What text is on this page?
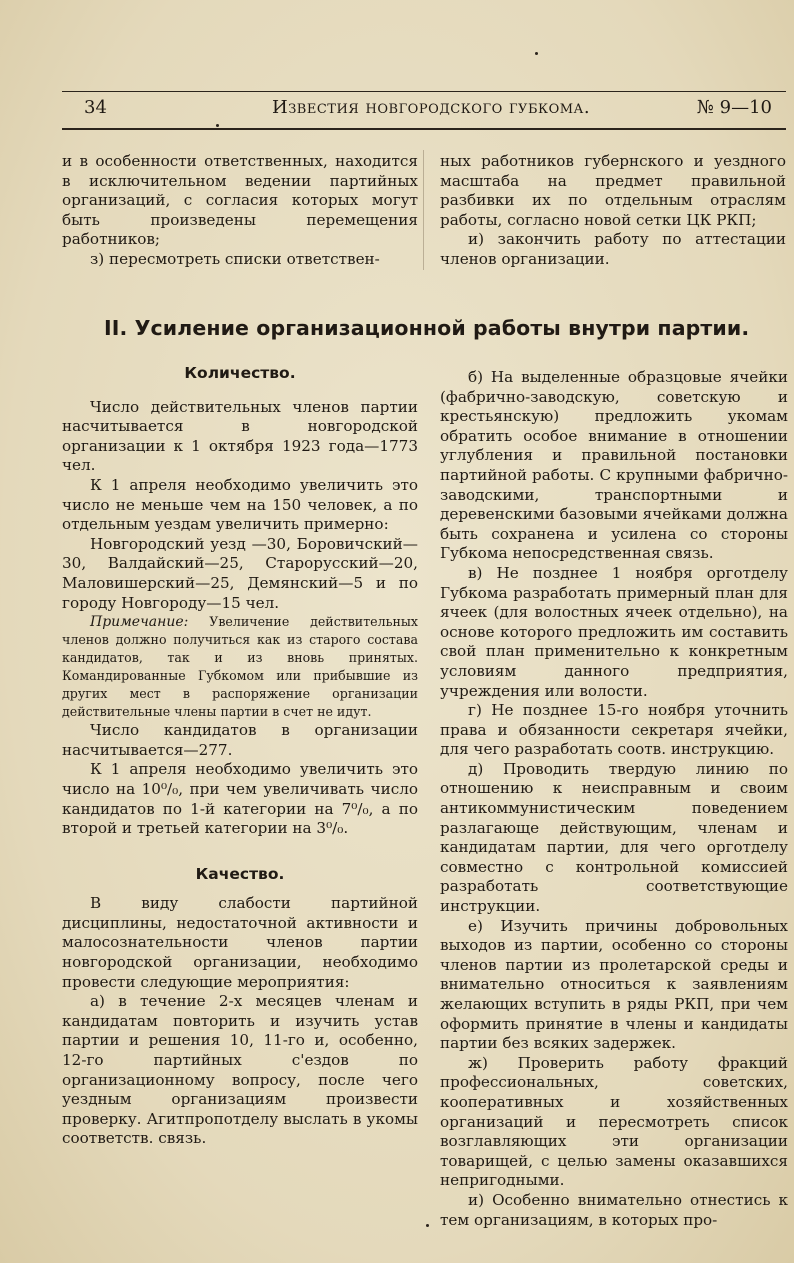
34	Известия новгородского губкома.	№ 9—10

и в особенности ответственных, находится в исключительном ведении партийных организаций, с согласия которых могут быть произведены перемещения работников;

з) пересмотреть списки ответствен-

ных работников губернского и уездного масштаба на предмет правильной разбивки их по отдельным отраслям работы, согласно новой сетки ЦК РКП;

и) закончить работу по аттестации членов организации.

II. Усиление организационной работы внутри партии.

Количество.

Число действительных членов партии насчитывается в новгородской организации к 1 октября 1923 года—1773 чел.

К 1 апреля необходимо увеличить это число не меньше чем на 150 человек, а по отдельным уездам увеличить примерно:

Новгородский уезд —30, Боровичский—30, Валдайский—25, Старорусский—20, Маловишерский—25, Демянский—5 и по городу Новгороду—15 чел.

Примечание: Увеличение действительных членов должно получиться как из старого состава кандидатов, так и из вновь принятых. Командированные Губкомом или прибывшие из других мест в распоряжение организации действительные члены партии в счет не идут.

Число кандидатов в организации насчитывается—277.

К 1 апреля необходимо увеличить это число на 10⁰/₀, при чем увеличивать число кандидатов по 1-й категории на 7⁰/₀, а по второй и третьей категории на 3⁰/₀.

Качество.

В виду слабости партийной дисциплины, недостаточной активности и малосознательности членов партии новгородской организации, необходимо провести следующие мероприятия:

а) в течение 2-х месяцев членам и кандидатам повторить и изучить устав партии и решения 10, 11-го и, особенно, 12-го партийных с'ездов по организационному вопросу, после чего уездным организациям произвести проверку. Агитпропотделу выслать в укомы соответств. связь.

б) На выделенные образцовые ячейки (фабрично-заводскую, советскую и крестьянскую) предложить укомам обратить особое внимание в отношении углубления и правильной постановки партийной работы. С крупными фабрично-заводскими, транспортными и деревенскими базовыми ячейками должна быть сохранена и усилена со стороны Губкома непосредственная связь.

в) Не позднее 1 ноября орготделу Губкома разработать примерный план для ячеек (для волостных ячеек отдельно), на основе которого предложить им составить свой план применительно к конкретным условиям данного предприятия, учреждения или волости.

г) Не позднее 15-го ноября уточнить права и обязанности секретаря ячейки, для чего разработать соотв. инструкцию.

д) Проводить твердую линию по отношению к неисправным и своим антикоммунистическим поведением разлагающе действующим, членам и кандидатам партии, для чего орготделу совместно с контрольной комиссией разработать соответствующие инструкции.

е) Изучить причины добровольных выходов из партии, особенно со стороны членов партии из пролетарской среды и внимательно относиться к заявлениям желающих вступить в ряды РКП, при чем оформить принятие в члены и кандидаты партии без всяких задержек.

ж) Проверить работу фракций профессиональных, советских, кооперативных и хозяйственных организаций и пересмотреть список возглавляющих эти организации товарищей, с целью замены оказавшихся непригодными.

и) Особенно внимательно отнестись к тем организациям, в которых про-
